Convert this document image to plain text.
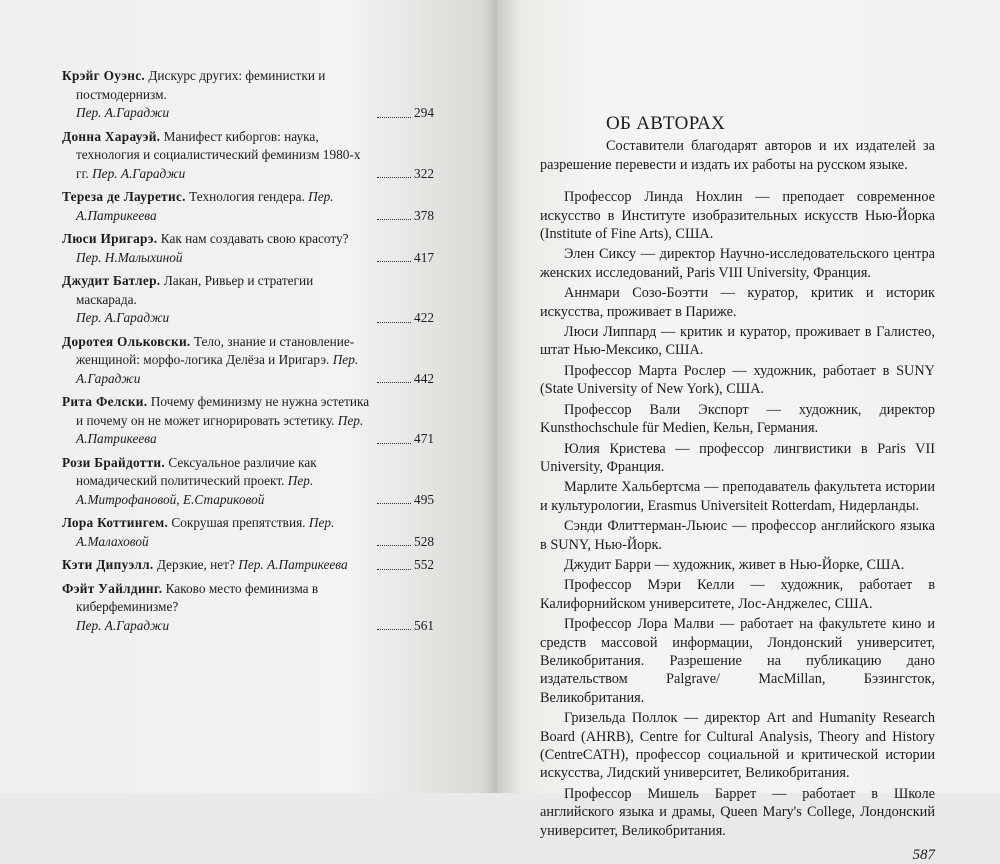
Крэйг Оуэнс. Дискурс других: феминистки и постмодернизм.
Пер. А.Гараджи	294
Донна Харауэй. Манифест киборгов: наука, технология и социалистический феминизм 1980-х гг. Пер. А.Гараджи	322
Тереза де Лауретис. Технология гендера. Пер. А.Патрикеева	378
Люси Иригарэ. Как нам создавать свою красоту?
Пер. Н.Малыхиной	417
Джудит Батлер. Лакан, Ривьер и стратегии маскарада.
Пер. А.Гараджи	422
Доротея Ольковски. Тело, знание и становление-женщиной: морфо-логика Делёза и Иригарэ. Пер. А.Гараджи	442
Рита Фелски. Почему феминизму не нужна эстетика и почему он не может игнорировать эстетику. Пер. А.Патрикеева	471
Рози Брайдотти. Сексуальное различие как номадический политический проект. Пер. А.Митрофановой, Е.Стариковой	495
Лора Коттингем. Сокрушая препятствия. Пер. А.Малаховой	528
Кэти Дипуэлл. Дерзкие, нет? Пер. А.Патрикеева	552
Фэйт Уайлдинг. Каково место феминизма в киберфеминизме?
Пер. А.Гараджи	561
ОБ АВТОРАХ

Составители благодарят авторов и их издателей за разрешение перевести и издать их работы на русском языке.

Профессор Линда Нохлин — преподает современное искусство в Институте изобразительных искусств Нью-Йорка (Institute of Fine Arts), США.

Элен Сиксу — директор Научно-исследовательского центра женских исследований, Paris VIII University, Франция.

Аннмари Созо-Боэтти — куратор, критик и историк искусства, проживает в Париже.

Люси Липпард — критик и куратор, проживает в Галистео, штат Нью-Мексико, США.

Профессор Марта Рослер — художник, работает в SUNY (State University of New York), США.

Профессор Вали Экспорт — художник, директор Kunsthochschule für Medien, Кельн, Германия.

Юлия Кристева — профессор лингвистики в Paris VII University, Франция.

Марлите Хальбертсма — преподаватель факультета истории и культурологии, Erasmus Universiteit Rotterdam, Нидерланды.

Сэнди Флиттерман-Льюис — профессор английского языка в SUNY, Нью-Йорк.

Джудит Барри — художник, живет в Нью-Йорке, США.

Профессор Мэри Келли — художник, работает в Калифорнийском университете, Лос-Анджелес, США.

Профессор Лора Малви — работает на факультете кино и средств массовой информации, Лондонский университет, Великобритания. Разрешение на публикацию дано издательством Palgrave/ MacMillan, Бэзингсток, Великобритания.

Гризельда Поллок — директор Art and Humanity Research Board (AHRB), Centre for Cultural Analysis, Theory and History (CentreCATH), профессор социальной и критической истории искусства, Лидский университет, Великобритания.

Профессор Мишель Баррет — работает в Школе английского языка и драмы, Queen Mary's College, Лондонский университет, Великобритания.

587
